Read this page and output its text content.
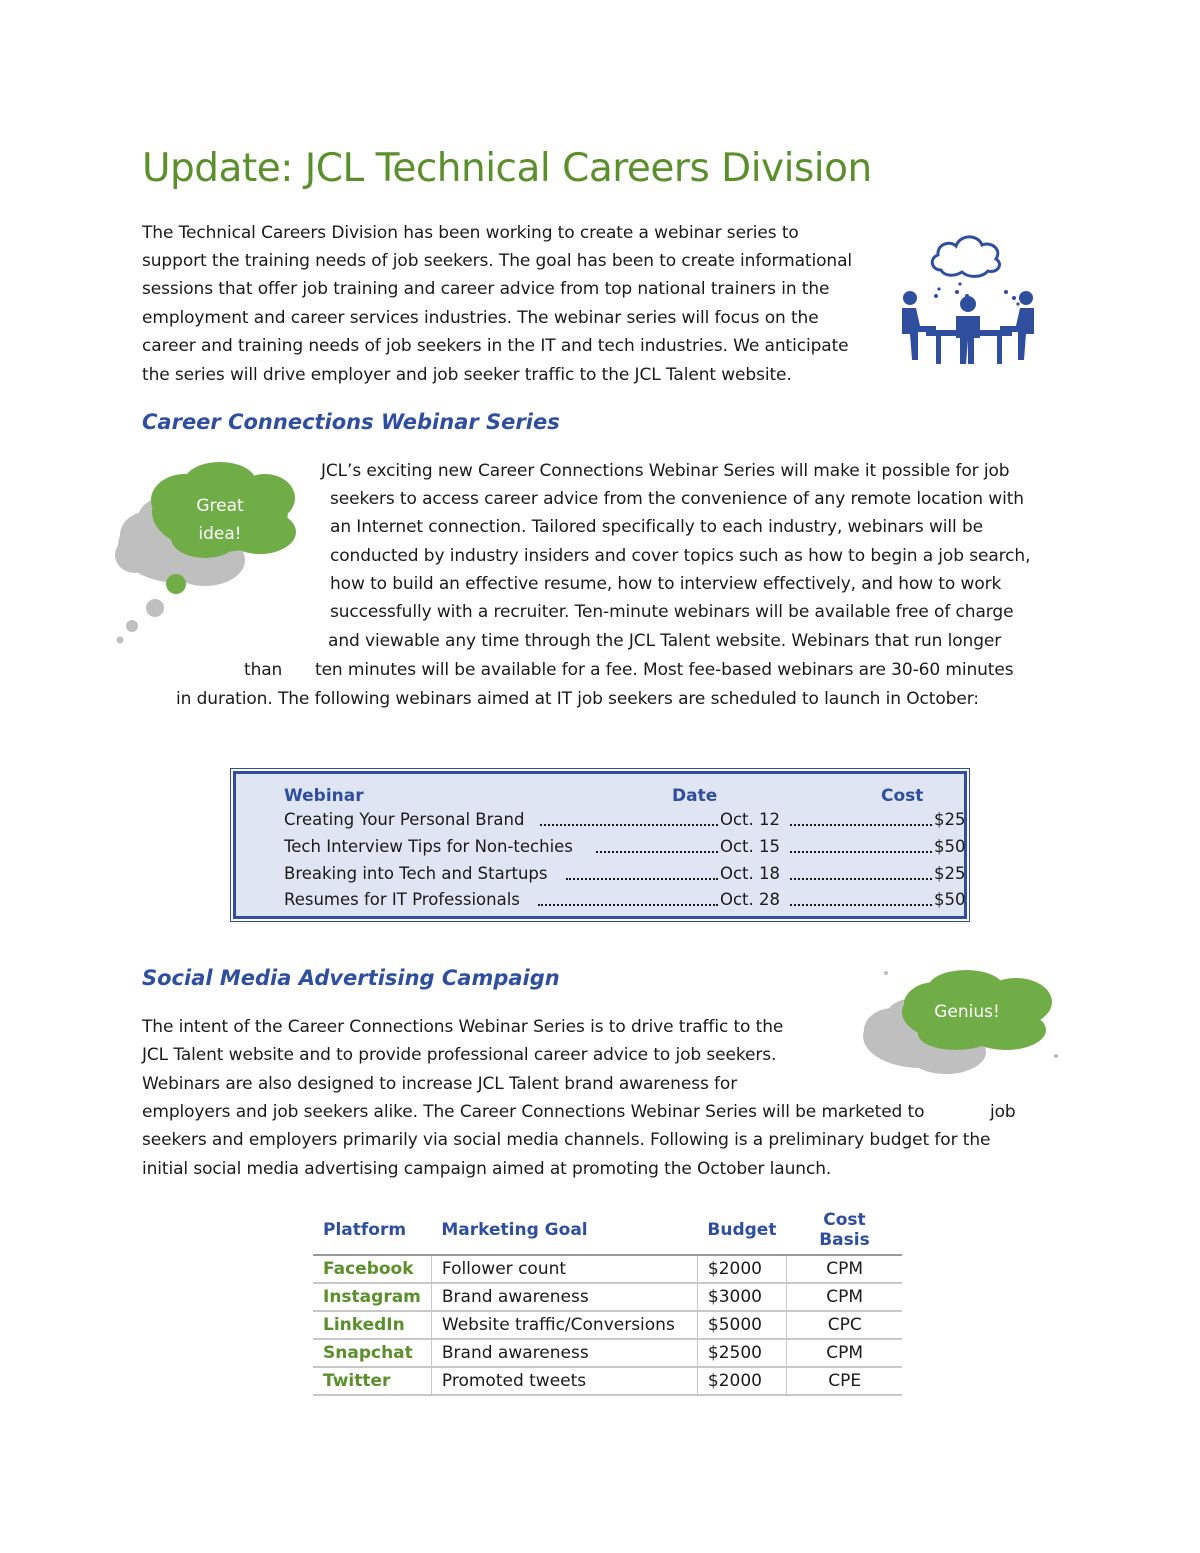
Update: JCL Technical Careers Division
The Technical Careers Division has been working to create a webinar series to
support the training needs of job seekers. The goal has been to create informational
sessions that offer job training and career advice from top national trainers in the
employment and career services industries. The webinar series will focus on the
career and training needs of job seekers in the IT and tech industries. We anticipate
the series will drive employer and job seeker traffic to the JCL Talent website.
Career Connections Webinar Series
Great
idea!
JCL’s exciting new Career Connections Webinar Series will make it possible for job
seekers to access career advice from the convenience of any remote location with
an Internet connection. Tailored specifically to each industry, webinars will be
conducted by industry insiders and cover topics such as how to begin a job search,
how to build an effective resume, how to interview effectively, and how to work
successfully with a recruiter. Ten-minute webinars will be available free of charge
and viewable any time through the JCL Talent website. Webinars that run longer
than ten minutes will be available for a fee. Most fee-based webinars are 30-60 minutes
in duration. The following webinars aimed at IT job seekers are scheduled to launch in October:
Webinar	Date	Cost
Creating Your Personal Brand	Oct. 12	$25
Tech Interview Tips for Non-techies	Oct. 15	$50
Breaking into Tech and Startups	Oct. 18	$25
Resumes for IT Professionals	Oct. 28	$50
Social Media Advertising Campaign
Genius!
The intent of the Career Connections Webinar Series is to drive traffic to the
JCL Talent website and to provide professional career advice to job seekers.
Webinars are also designed to increase JCL Talent brand awareness for
employers and job seekers alike. The Career Connections Webinar Series will be marketed to	job
seekers and employers primarily via social media channels. Following is a preliminary budget for the
initial social media advertising campaign aimed at promoting the October launch.
Platform	Marketing Goal	Budget	Cost Basis
Facebook	Follower count	$2000	CPM
Instagram	Brand awareness	$3000	CPM
LinkedIn	Website traffic/Conversions	$5000	CPC
Snapchat	Brand awareness	$2500	CPM
Twitter	Promoted tweets	$2000	CPE
